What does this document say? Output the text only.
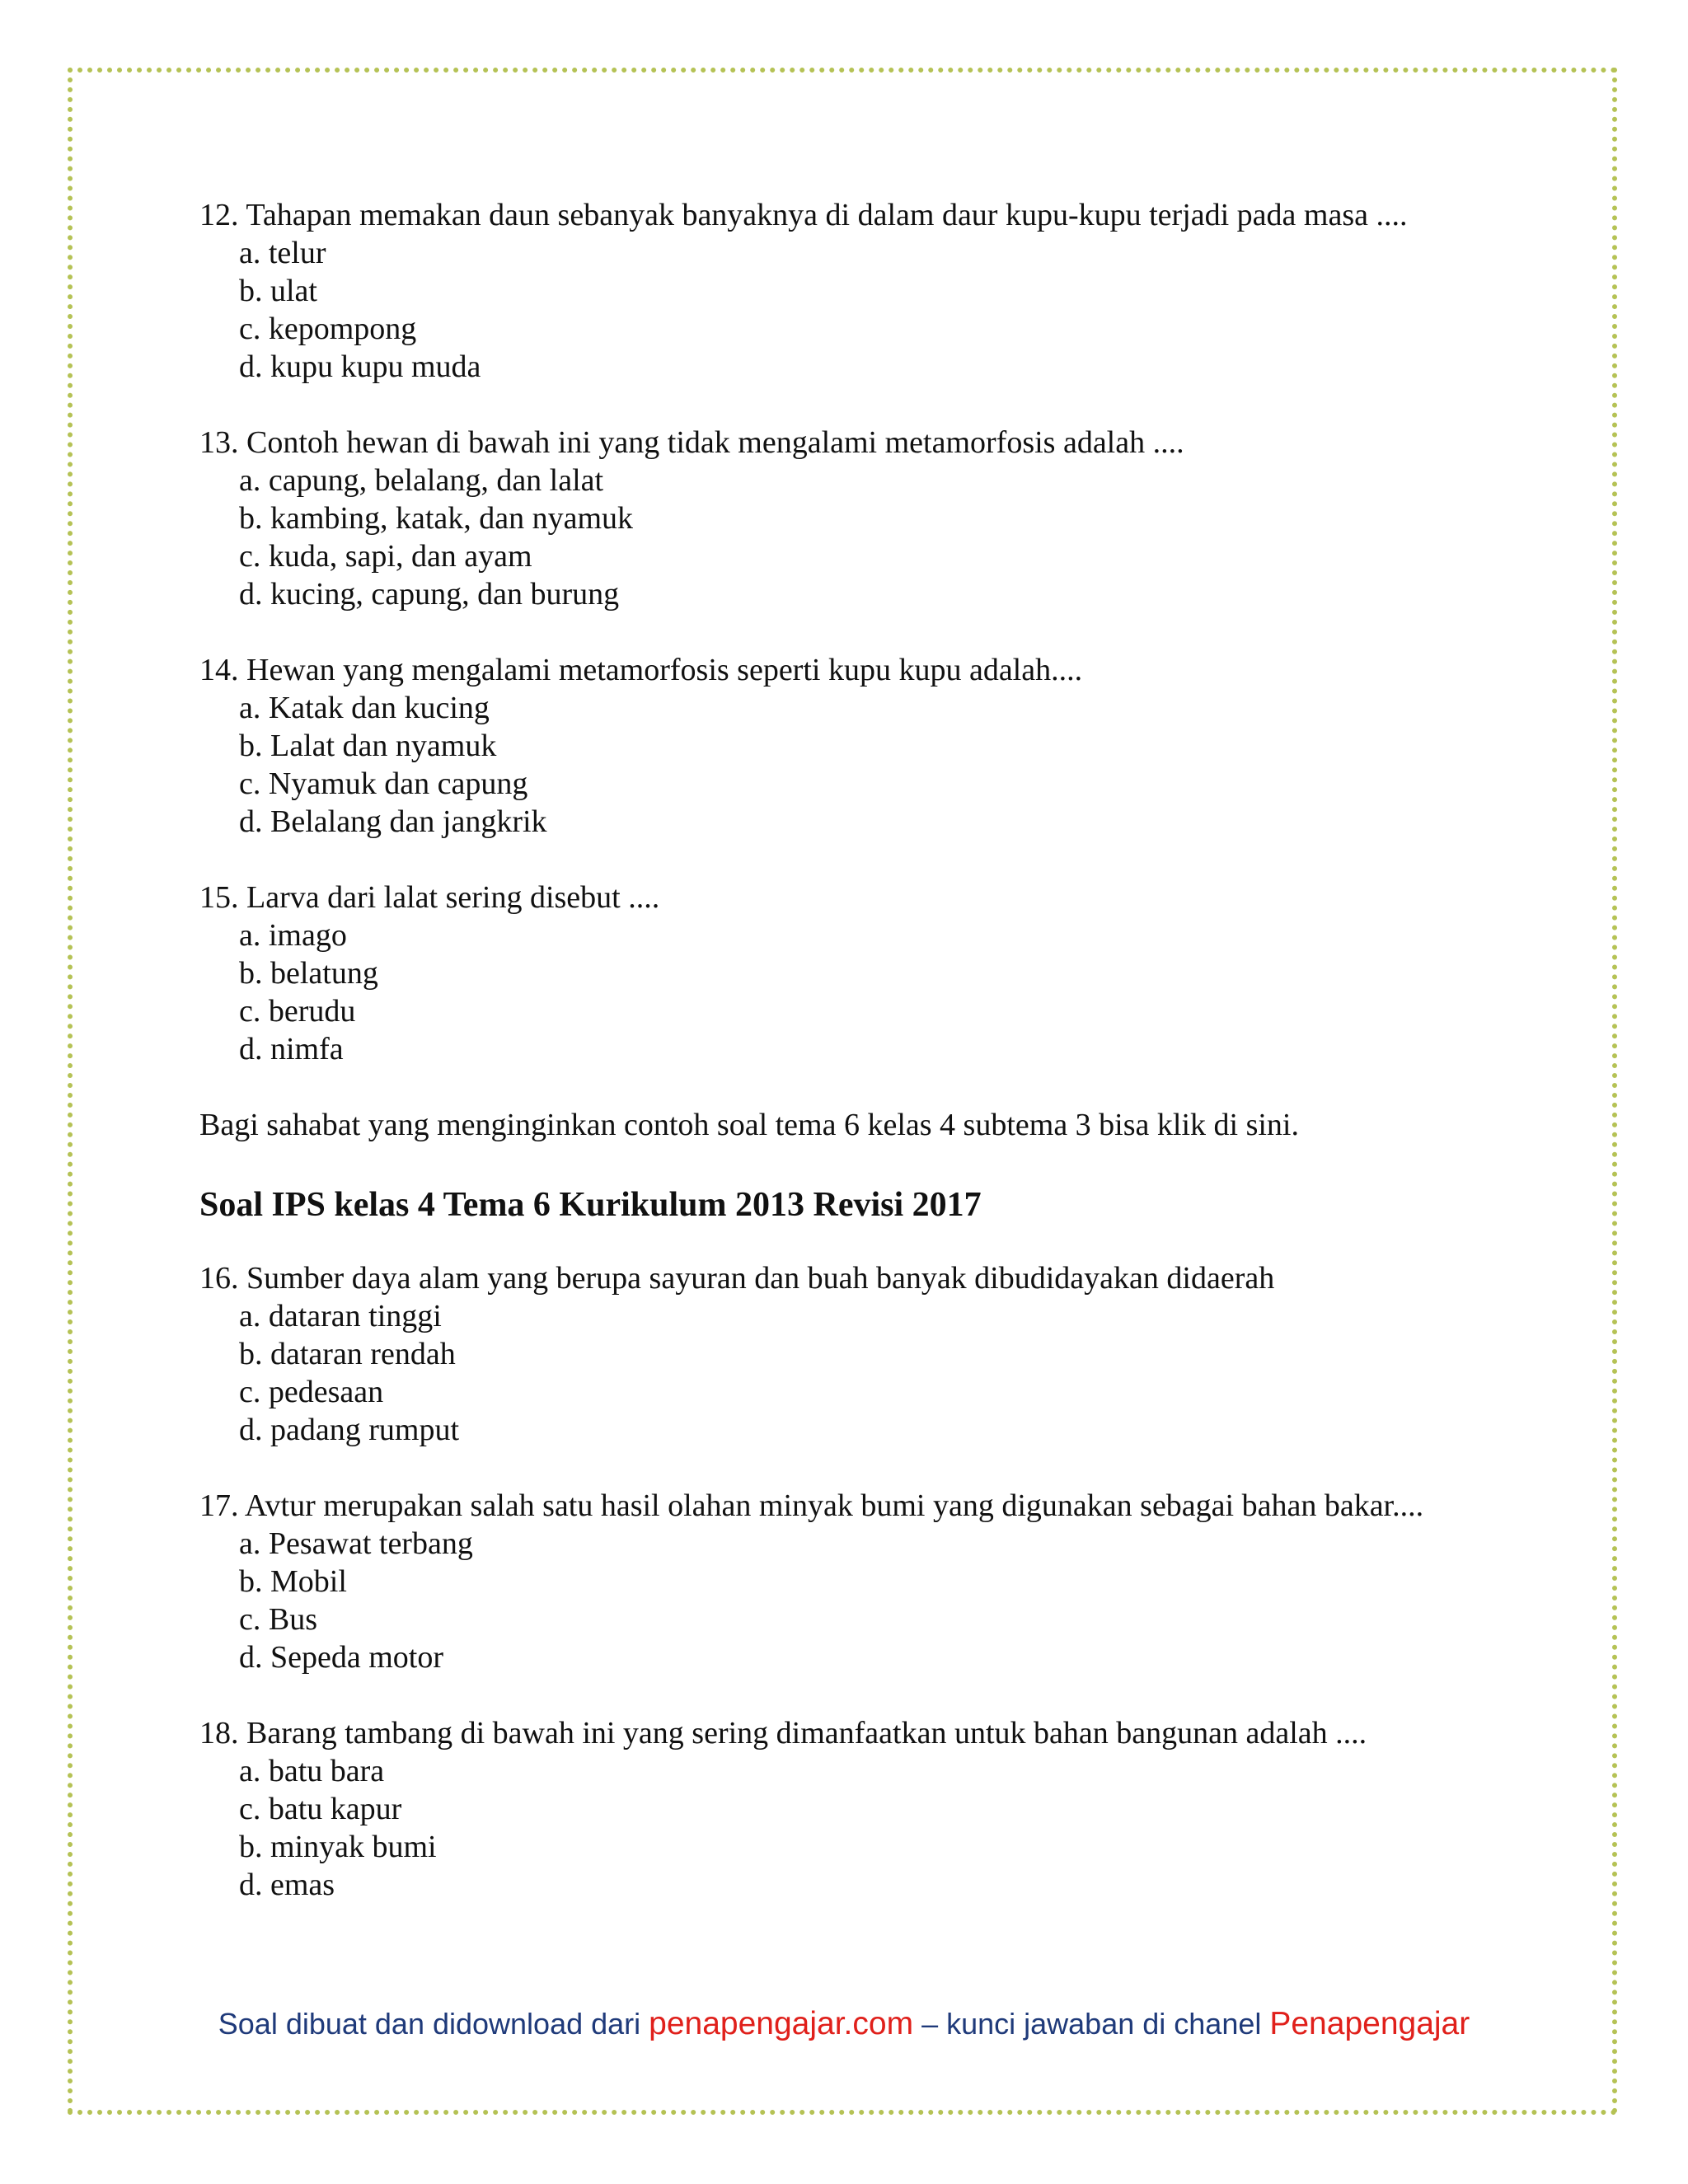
12. Tahapan memakan daun sebanyak banyaknya di dalam daur kupu-kupu terjadi pada masa ....

a. telur
b. ulat
c. kepompong
d. kupu kupu muda

13. Contoh hewan di bawah ini yang tidak mengalami metamorfosis adalah ....

a. capung, belalang, dan lalat
b. kambing, katak, dan nyamuk
c. kuda, sapi, dan ayam
d. kucing, capung, dan burung

14. Hewan yang mengalami metamorfosis seperti kupu kupu adalah....

a. Katak dan kucing
b. Lalat dan nyamuk
c. Nyamuk dan capung
d. Belalang dan jangkrik

15. Larva dari lalat sering disebut ....

a. imago
b. belatung
c. berudu
d. nimfa

Bagi sahabat yang menginginkan contoh soal tema 6 kelas 4 subtema 3 bisa klik di sini.

Soal IPS kelas 4 Tema 6 Kurikulum 2013 Revisi 2017

16. Sumber daya alam yang berupa sayuran dan buah banyak dibudidayakan didaerah

a. dataran tinggi
b. dataran rendah
c. pedesaan
d. padang rumput

17. Avtur merupakan salah satu hasil olahan minyak bumi yang digunakan sebagai bahan bakar....

a. Pesawat terbang
b. Mobil
c. Bus
d. Sepeda motor

18. Barang tambang di bawah ini yang sering dimanfaatkan untuk bahan bangunan adalah ....

a. batu bara
c. batu kapur
b. minyak bumi
d. emas
Soal dibuat dan didownload dari penapengajar.com – kunci jawaban di chanel Penapengajar
